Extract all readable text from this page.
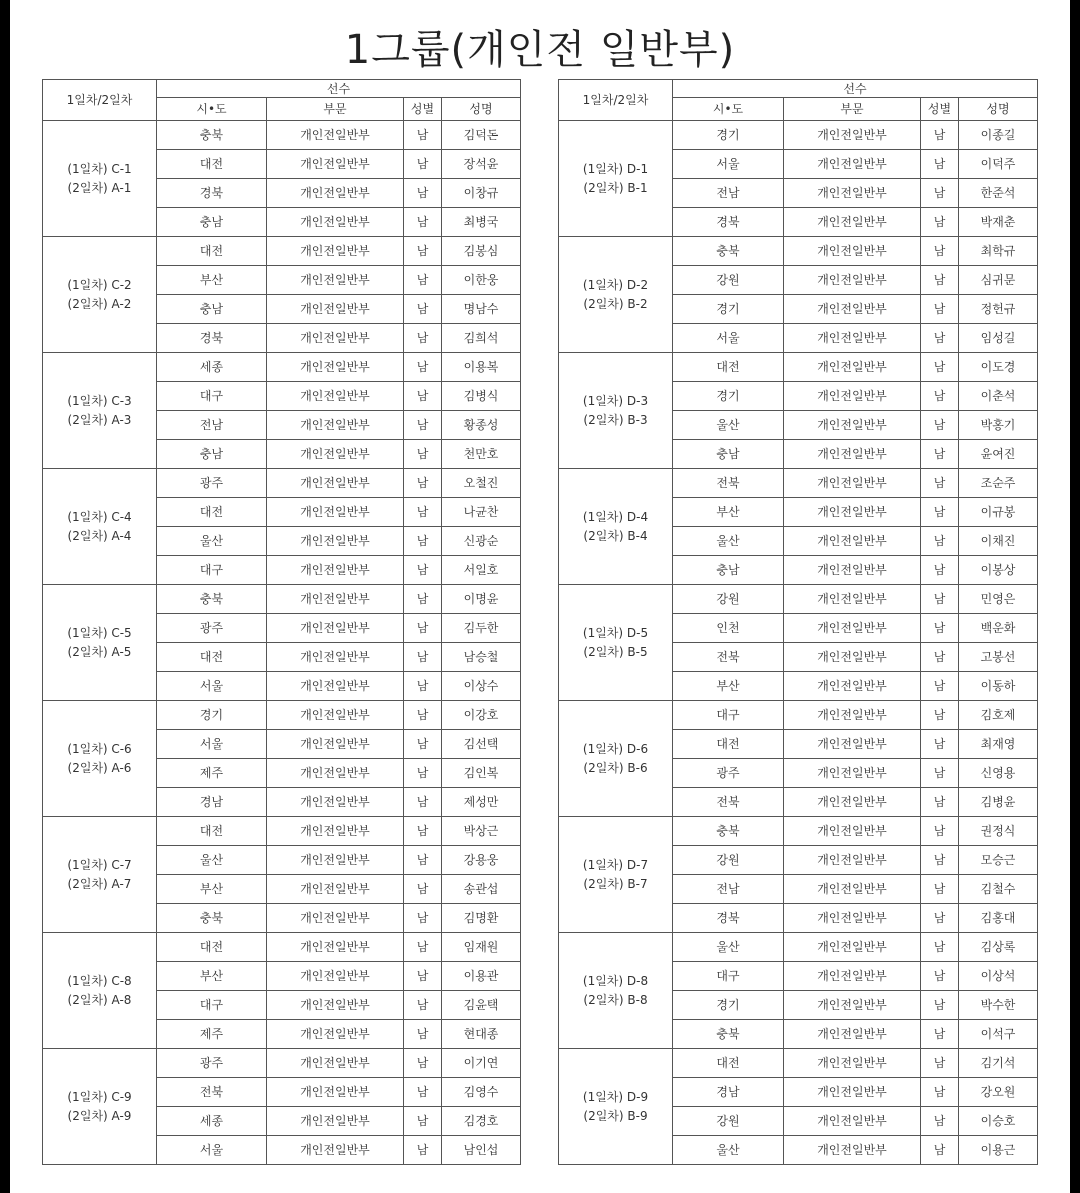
1그룹(개인전 일반부)
1일차/2일차	선수			
	시•도	부문	성별	성명

(1일차) C-1
(2일차) A-1	충북	개인전일반부	남	김덕돈
	대전	개인전일반부	남	장석윤
	경북	개인전일반부	남	이창규
	충남	개인전일반부	남	최병국

(1일차) C-2
(2일차) A-2	대전	개인전일반부	남	김봉심
	부산	개인전일반부	남	이한웅
	충남	개인전일반부	남	명남수
	경북	개인전일반부	남	김희석

(1일차) C-3
(2일차) A-3	세종	개인전일반부	남	이용복
	대구	개인전일반부	남	김병식
	전남	개인전일반부	남	황종성
	충남	개인전일반부	남	천만호

(1일차) C-4
(2일차) A-4	광주	개인전일반부	남	오철진
	대전	개인전일반부	남	나균찬
	울산	개인전일반부	남	신광순
	대구	개인전일반부	남	서일호

(1일차) C-5
(2일차) A-5	충북	개인전일반부	남	이명윤
	광주	개인전일반부	남	김두한
	대전	개인전일반부	남	남승철
	서울	개인전일반부	남	이상수

(1일차) C-6
(2일차) A-6	경기	개인전일반부	남	이강호
	서울	개인전일반부	남	김선택
	제주	개인전일반부	남	김인복
	경남	개인전일반부	남	제성만

(1일차) C-7
(2일차) A-7	대전	개인전일반부	남	박상근
	울산	개인전일반부	남	강용웅
	부산	개인전일반부	남	송관섭
	충북	개인전일반부	남	김명환

(1일차) C-8
(2일차) A-8	대전	개인전일반부	남	임재원
	부산	개인전일반부	남	이용관
	대구	개인전일반부	남	김윤택
	제주	개인전일반부	남	현대종

(1일차) C-9
(2일차) A-9	광주	개인전일반부	남	이기연
	전북	개인전일반부	남	김영수
	세종	개인전일반부	남	김경호
	서울	개인전일반부	남	남인섭
1일차/2일차	선수			
	시•도	부문	성별	성명

(1일차) D-1
(2일차) B-1	경기	개인전일반부	남	이종길
	서울	개인전일반부	남	이덕주
	전남	개인전일반부	남	한준석
	경북	개인전일반부	남	박재춘

(1일차) D-2
(2일차) B-2	충북	개인전일반부	남	최학규
	강원	개인전일반부	남	심귀문
	경기	개인전일반부	남	정헌규
	서울	개인전일반부	남	임성길

(1일차) D-3
(2일차) B-3	대전	개인전일반부	남	이도경
	경기	개인전일반부	남	이춘석
	울산	개인전일반부	남	박홍기
	충남	개인전일반부	남	윤여진

(1일차) D-4
(2일차) B-4	전북	개인전일반부	남	조순주
	부산	개인전일반부	남	이규봉
	울산	개인전일반부	남	이채진
	충남	개인전일반부	남	이봉상

(1일차) D-5
(2일차) B-5	강원	개인전일반부	남	민영은
	인천	개인전일반부	남	백운화
	전북	개인전일반부	남	고봉선
	부산	개인전일반부	남	이동하

(1일차) D-6
(2일차) B-6	대구	개인전일반부	남	김호제
	대전	개인전일반부	남	최재영
	광주	개인전일반부	남	신영용
	전북	개인전일반부	남	김병윤

(1일차) D-7
(2일차) B-7	충북	개인전일반부	남	권정식
	강원	개인전일반부	남	모승근
	전남	개인전일반부	남	김철수
	경북	개인전일반부	남	김홍대

(1일차) D-8
(2일차) B-8	울산	개인전일반부	남	김상록
	대구	개인전일반부	남	이상석
	경기	개인전일반부	남	박수한
	충북	개인전일반부	남	이석구

(1일차) D-9
(2일차) B-9	대전	개인전일반부	남	김기석
	경남	개인전일반부	남	강오원
	강원	개인전일반부	남	이승호
	울산	개인전일반부	남	이용근
